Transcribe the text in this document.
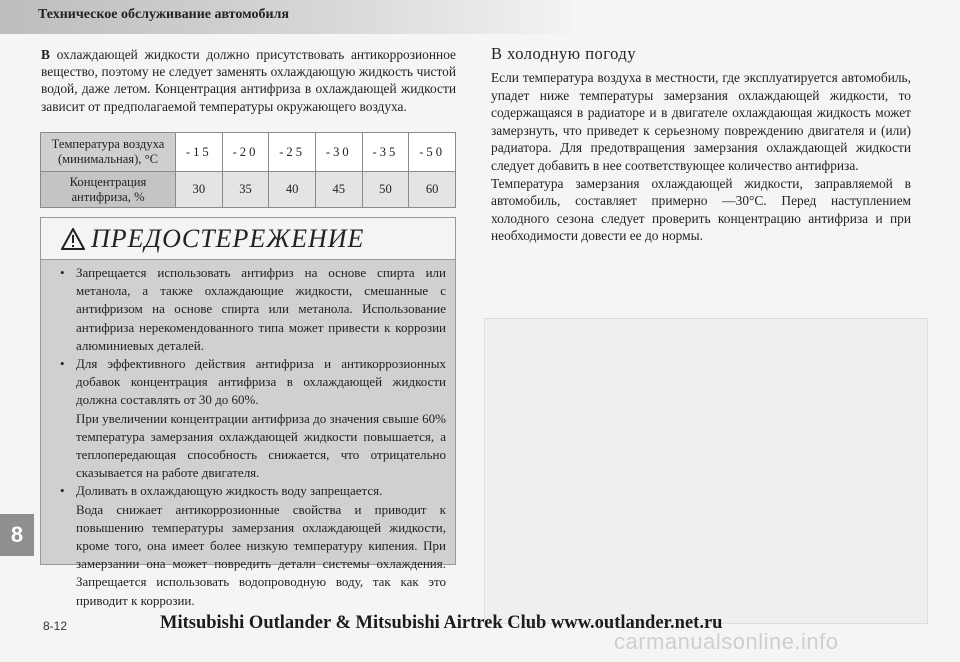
Техническое обслуживание автомобиля

В охлаждающей жидкости должно присутствовать антикоррозионное вещество, поэтому не следует заменять охлаждающую жидкость чистой водой, даже летом. Концентрация антифриза в охлаждающей жидкости зависит от предполагаемой температуры окружающего воздуха.

Температура воздуха (минимальная), °C	-15	-20	-25	-30	-35	-50
Концентрация антифриза, %	30	35	40	45	50	60
ПРЕДОСТЕРЕЖЕНИЕ
• Запрещается использовать антифриз на основе спирта или метанола, а также охлаждающие жидкости, смешанные с антифризом на основе спирта или метанола. Использование антифриза нерекомендованного типа может привести к коррозии алюминиевых деталей.
• Для эффективного действия антифриза и антикоррозионных добавок концентрация антифриза в охлаждающей жидкости должна составлять от 30 до 60%.
При увеличении концентрации антифриза до значения свыше 60% температура замерзания охлаждающей жидкости повышается, а теплопередающая способность снижается, что отрицательно сказывается на работе двигателя.
• Доливать в охлаждающую жидкость воду запрещается.
Вода снижает антикоррозионные свойства и приводит к повышению температуры замерзания охлаждающей жидкости, кроме того, она имеет более низкую температуру кипения. При замерзании она может повредить детали системы охлаждения. Запрещается использовать водопроводную воду, так как это приводит к коррозии.
В холодную погоду

Если температура воздуха в местности, где эксплуатируется автомобиль, упадет ниже температуры замерзания охлаждающей жидкости, то содержащаяся в радиаторе и в двигателе охлаждающая жидкость может замерзнуть, что приведет к серьезному повреждению двигателя и (или) радиатора. Для предотвращения замерзания охлаждающей жидкости следует добавить в нее соответствующее количество антифриза.

Температура замерзания охлаждающей жидкости, заправляемой в автомобиль, составляет примерно —30°С. Перед наступлением холодного сезона следует проверить концентрацию антифриза и при необходимости довести ее до нормы.

8
8-12	Mitsubishi Outlander & Mitsubishi Airtrek Club www.outlander.net.ru
carmanualsonline.info
